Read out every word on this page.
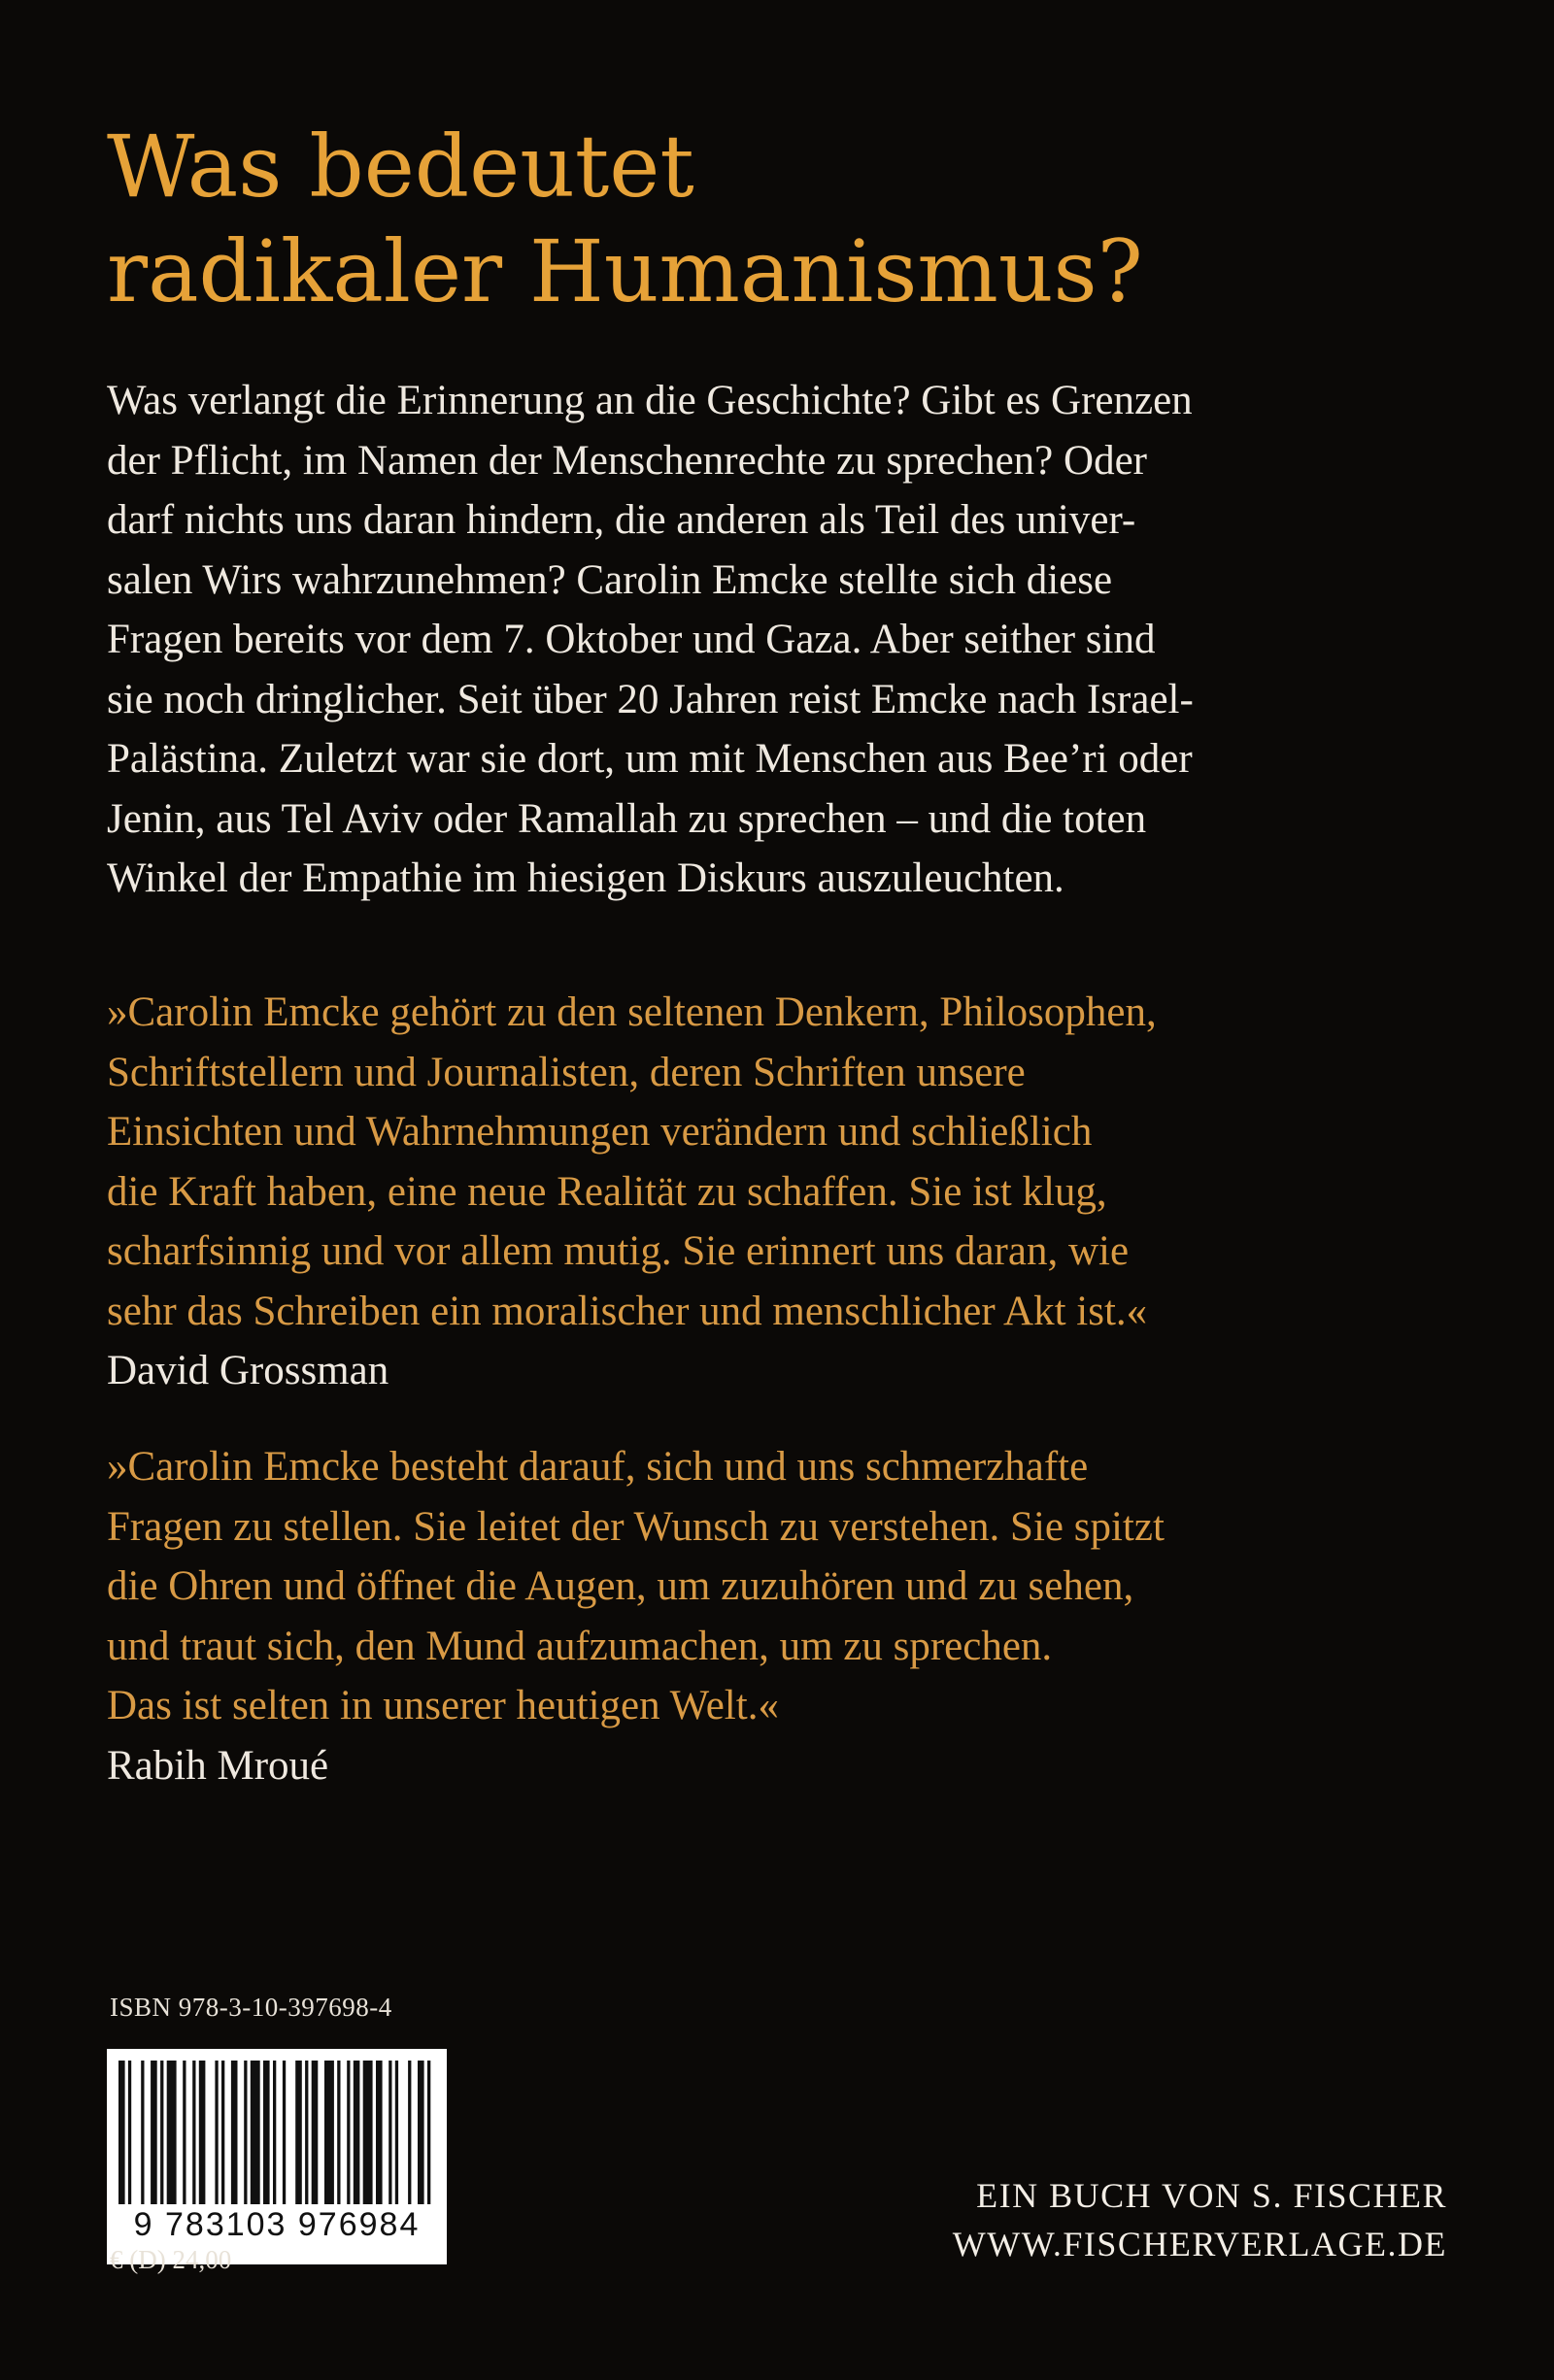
Was bedeutet
radikaler Humanismus?

Was verlangt die Erinnerung an die Geschichte? Gibt es Grenzen
der Pflicht, im Namen der Menschenrechte zu sprechen? Oder
darf nichts uns daran hindern, die anderen als Teil des univer-
salen Wirs wahrzunehmen? Carolin Emcke stellte sich diese
Fragen bereits vor dem 7. Oktober und Gaza. Aber seither sind
sie noch dringlicher. Seit über 20 Jahren reist Emcke nach Israel-
Palästina. Zuletzt war sie dort, um mit Menschen aus Bee’ri oder
Jenin, aus Tel Aviv oder Ramallah zu sprechen – und die toten
Winkel der Empathie im hiesigen Diskurs auszuleuchten.

»Carolin Emcke gehört zu den seltenen Denkern, Philosophen,
Schriftstellern und Journalisten, deren Schriften unsere
Einsichten und Wahrnehmungen verändern und schließlich
die Kraft haben, eine neue Realität zu schaffen. Sie ist klug,
scharfsinnig und vor allem mutig. Sie erinnert uns daran, wie
sehr das Schreiben ein moralischer und menschlicher Akt ist.«
David Grossman
»Carolin Emcke besteht darauf, sich und uns schmerzhafte
Fragen zu stellen. Sie leitet der Wunsch zu verstehen. Sie spitzt
die Ohren und öffnet die Augen, um zuzuhören und zu sehen,
und traut sich, den Mund aufzumachen, um zu sprechen.
Das ist selten in unserer heutigen Welt.«
Rabih Mroué
ISBN 978-3-10-397698-4
9 783103 976984
€ (D) 24,00
EIN BUCH VON S. FISCHER
WWW.FISCHERVERLAGE.DE
